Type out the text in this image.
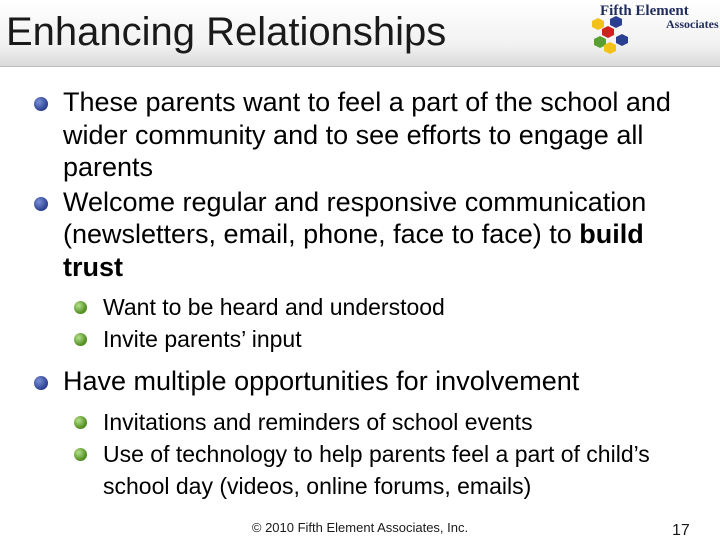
Enhancing Relationships	Fifth Element
Associates
These parents want to feel a part of the school and wider community and to see efforts to engage all parents
Welcome regular and responsive communication (newsletters, email, phone, face to face) to build trust
Want to be heard and understood
Invite parents’ input
Have multiple opportunities for involvement
Invitations and reminders of school events
Use of technology to help parents feel a part of child’s school day (videos, online forums, emails)
© 2010 Fifth Element Associates, Inc.	17
